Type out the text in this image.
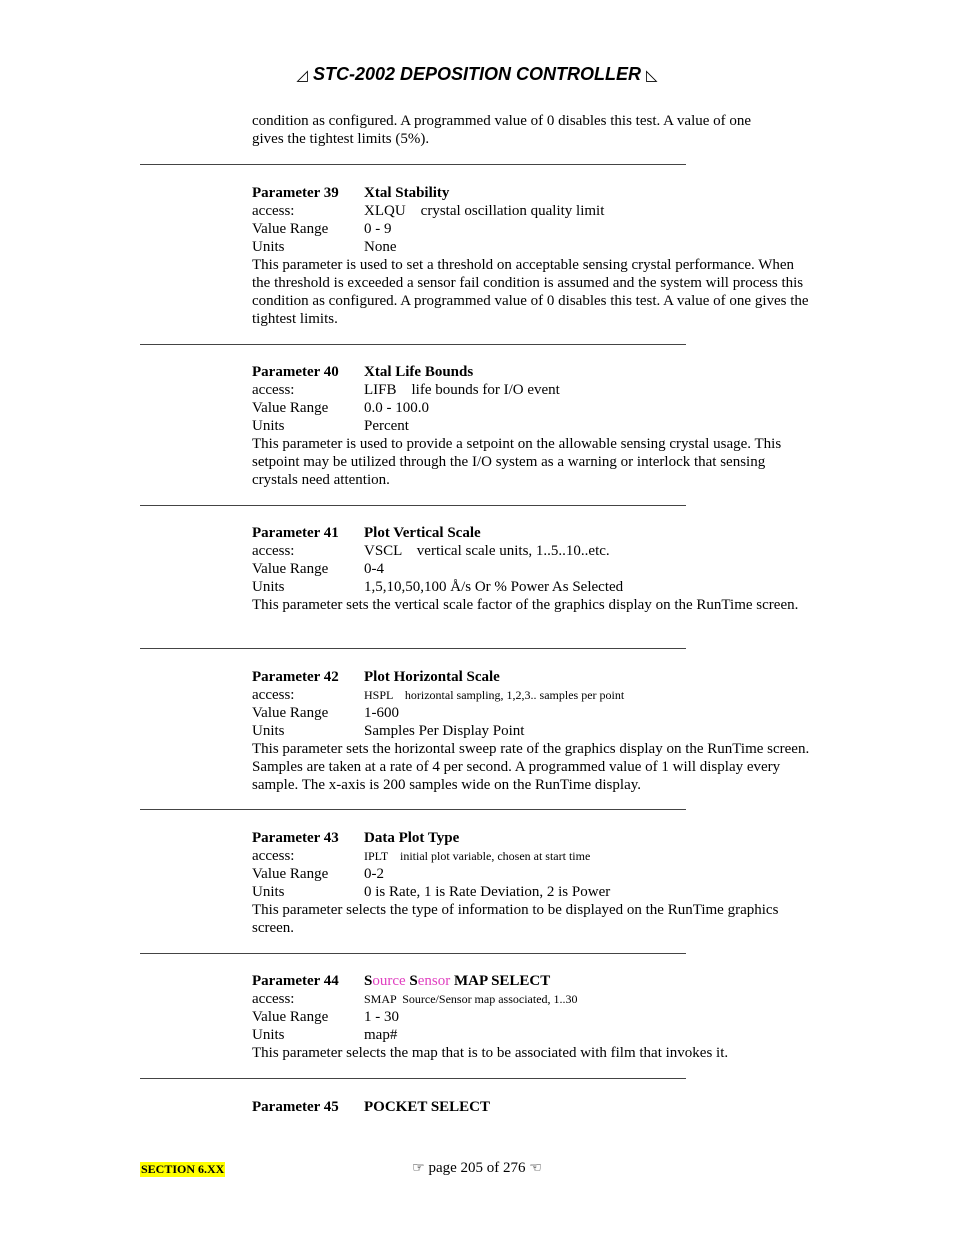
◿ STC-2002 DEPOSITION CONTROLLER ◺
condition as configured. A programmed value of 0 disables this test. A value of one
gives the tightest limits (5%).
Parameter 39	Xtal Stability
access:	XLQU    crystal oscillation quality limit
Value Range	0 - 9
Units	None

This parameter is used to set a threshold on acceptable sensing crystal performance. When the threshold is exceeded a sensor fail condition is assumed and the system will process this condition as configured. A programmed value of 0 disables this test. A value of one gives the tightest limits.

Parameter 40	Xtal Life Bounds
access:	LIFB    life bounds for I/O event
Value Range	0.0 - 100.0
Units	Percent

This parameter is used to provide a setpoint on the allowable sensing crystal usage. This setpoint may be utilized through the I/O system as a warning or interlock that sensing crystals need attention.

Parameter 41	Plot Vertical Scale
access:	VSCL    vertical scale units, 1..5..10..etc.
Value Range	0-4
Units	1,5,10,50,100 Å/s Or % Power As Selected

This parameter sets the vertical scale factor of the graphics display on the RunTime screen.

Parameter 42	Plot Horizontal Scale
access:	HSPL    horizontal sampling, 1,2,3.. samples per point
Value Range	1-600
Units	Samples Per Display Point

This parameter sets the horizontal sweep rate of the graphics display on the RunTime screen. Samples are taken at a rate of 4 per second. A programmed value of 1 will display every sample. The x-axis is 200 samples wide on the RunTime display.

Parameter 43	Data Plot Type
access:	IPLT    initial plot variable, chosen at start time
Value Range	0-2
Units	0 is Rate, 1 is Rate Deviation, 2 is Power

This parameter selects the type of information to be displayed on the RunTime graphics screen.

Parameter 44	Source Sensor MAP SELECT
access:	SMAP  Source/Sensor map associated, 1..30
Value Range	1 - 30
Units	map#

This parameter selects the map that is to be associated with film that invokes it.

Parameter 45	POCKET SELECT
SECTION 6.XX	☞ page 205 of 276 ☜
